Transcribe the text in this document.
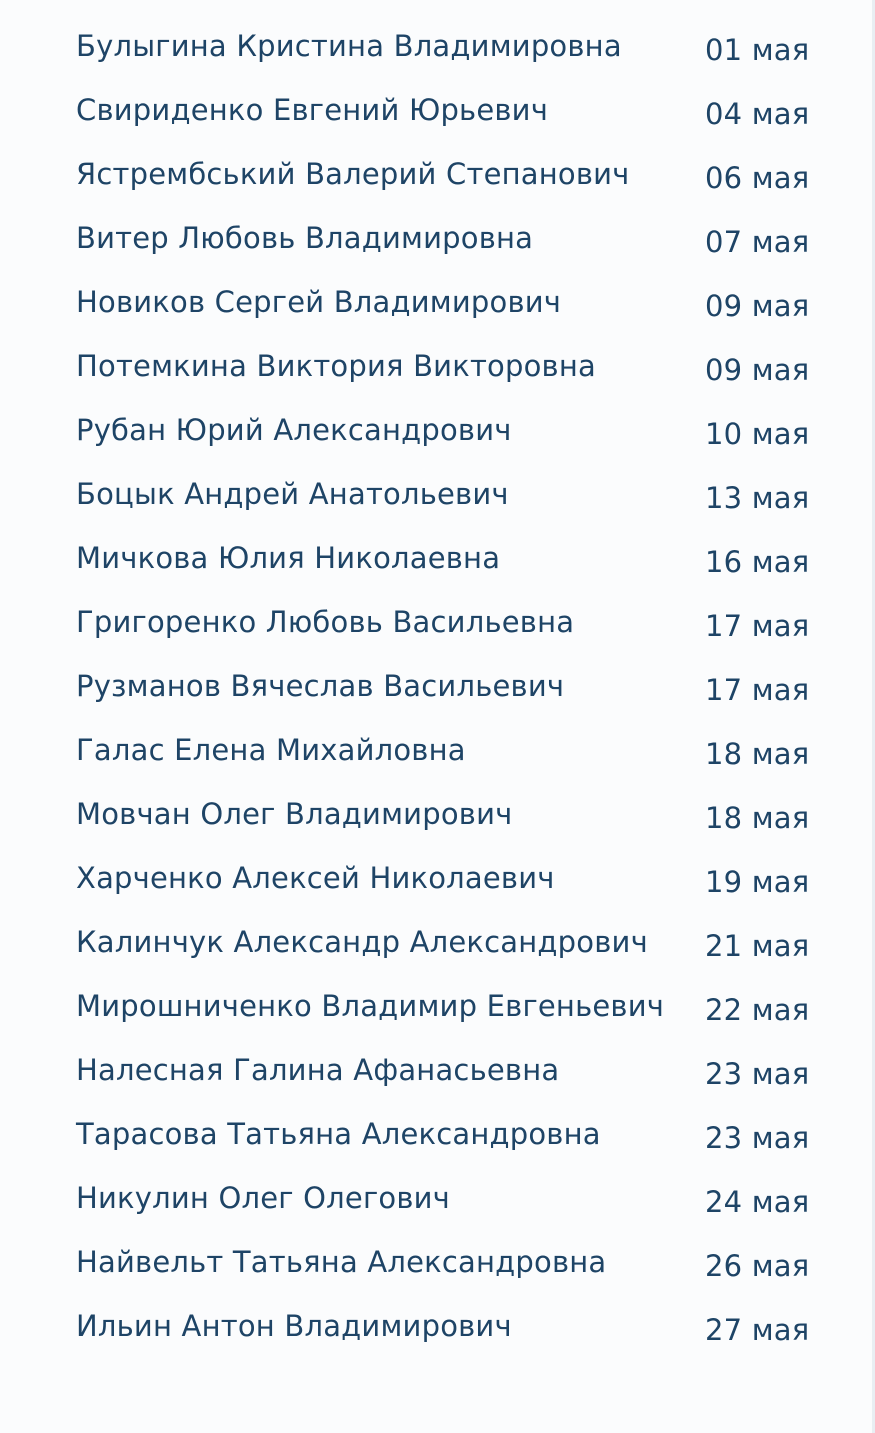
Булыгина Кристина Владимировна	01 мая
Свириденко Евгений Юрьевич	04 мая
Ястрембський Валерий Степанович	06 мая
Витер Любовь Владимировна	07 мая
Новиков Сергей Владимирович	09 мая
Потемкина Виктория Викторовна	09 мая
Рубан Юрий Александрович	10 мая
Боцык Андрей Анатольевич	13 мая
Мичкова Юлия Николаевна	16 мая
Григоренко Любовь Васильевна	17 мая
Рузманов Вячеслав Васильевич	17 мая
Галас Елена Михайловна	18 мая
Мовчан Олег Владимирович	18 мая
Харченко Алексей Николаевич	19 мая
Калинчук Александр Александрович 21 мая
Мирошниченко Владимир Евгеньевич 22 мая
Налесная Галина Афанасьевна	23 мая
Тарасова Татьяна Александровна	23 мая
Никулин Олег Олегович	24 мая
Найвельт Татьяна Александровна	26 мая
Ильин Антон Владимирович	27 мая
